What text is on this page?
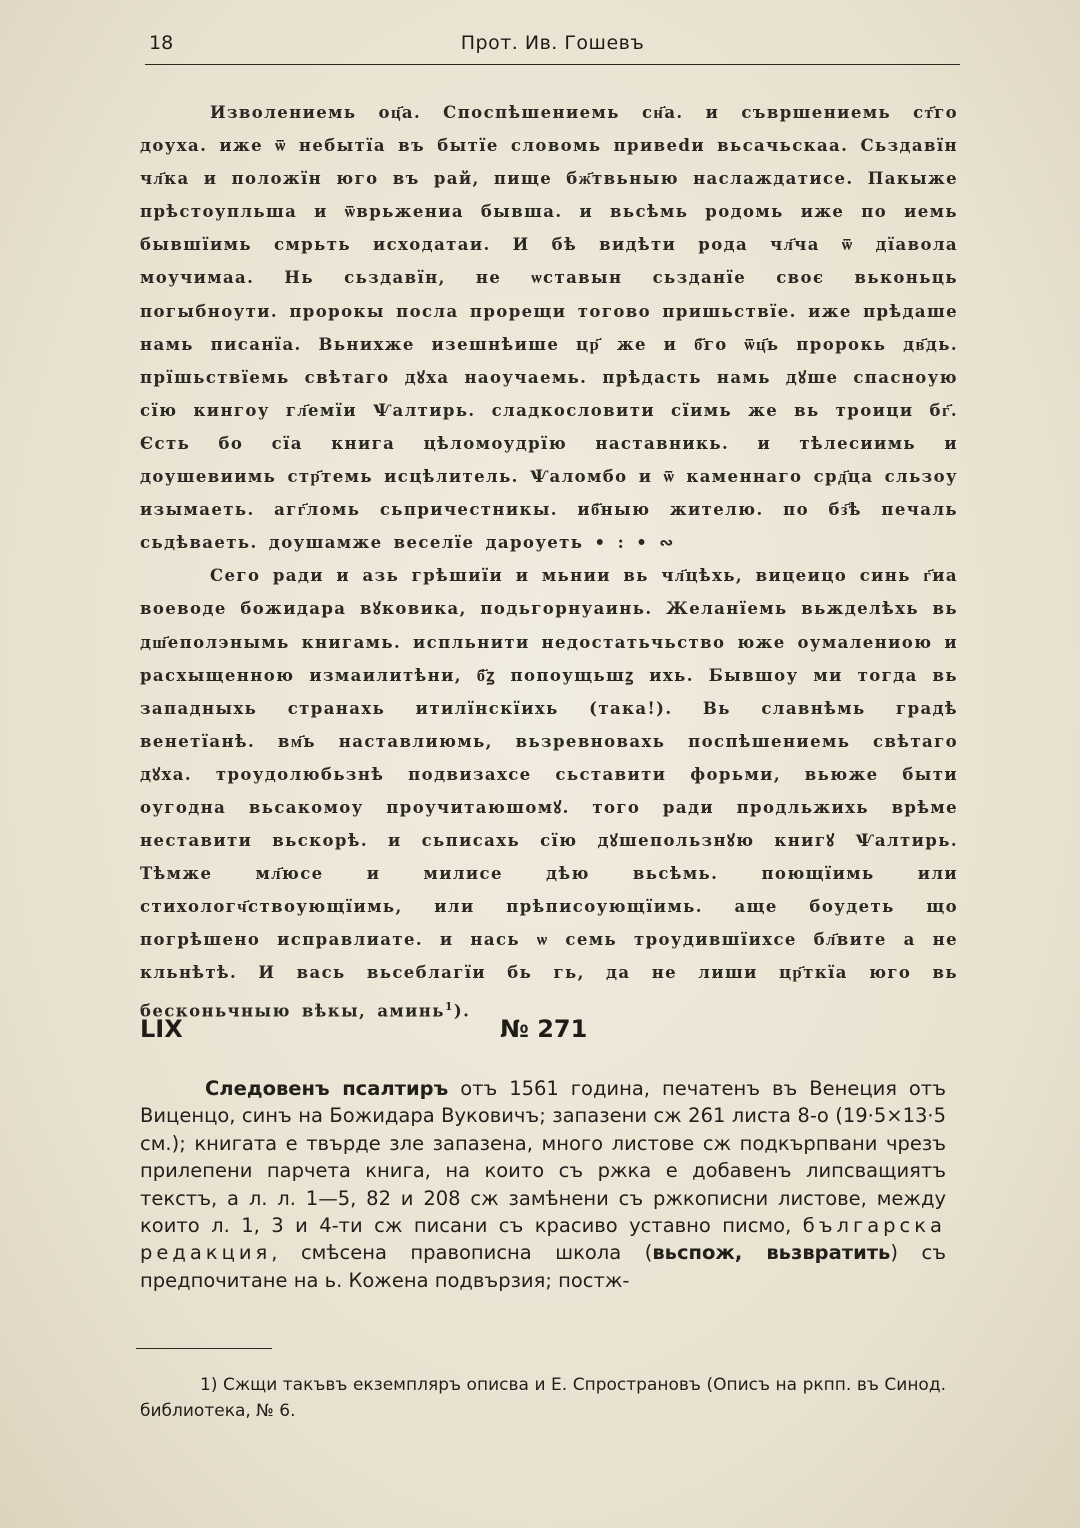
18	Прот. Ив. Гошевъ

Изволениемь оц҃а. Споспѣшениемь сн҃а. и съвршениемь ст҃го доуха. иже ѿ небытїа въ бытїе словомь привеdи вьсачьскаа. Сьздавїн чл҃ка и положїн юго въ рай, пище бж҃твьныю наслаждатисе. Пакыже прѣстоупльша и ѿврьжениа бывша. и вьсѣмь родомь иже по иемь бывшїимь смрьть исходатаи. И бѣ видѣти рода чл҃ча ѿ дїавола моучимаа. Нь сьздавїн, не ѡставын сьзданїе своє вьконьць погыбноути. пророкы посла прорещи тогово пришьствїе. иже прѣдаше намь писанїа. Вьнихже изешнѣише цр҃ же и б҃го ѿц҃ь пророкь дв҃дь. прїшьствїемь свѣтаго дꙋха наоучаемь. прѣдасть намь дꙋше спасноую сїю кингоу гл҃емїи Ѱалтирь. сладкословити сїимь же вь троици бг҃. Єсть бо сїа книга цѣломоудрїю наставникь. и тѣлесиимь и доушевиимь стр҃темь исцѣлитель. Ѱаломбо и ѿ каменнаго срд҃ца сльзоу изымаеть. агг҃ломь сьпричестникы. иб҃ныю жителю. по бз҃ѣ печаль сьдѣваеть. доушамже веселїе дароуеть • : • ∾

Сего ради и азь грѣшиїи и мьнии вь чл҃цѣхь, вицеицо синь г҃иа воеводе божидара вꙋковика, подьгорнуаинь. Желанїемь вьжделѣхь вь дш҃еполэнымь книгамь. испльнити недостатьчьство юже оумалениою и расхыщенною измаилитѣни, б҃ꙁ попоущьшꙁ ихь. Бывшоу ми тогда вь западныхь странахь итилїнскїихь (така!). Вь славнѣмь градѣ венетїанѣ. вм҃ь наставлиюмь, вьзревновахь поспѣшениемь свѣтаго дꙋха. троудолюбьзнѣ подвизахсе сьставити форьми, вьюже быти оугодна вьсакомоу проучитаюшомꙋ. того ради продльжихь врѣме неставити вьскорѣ. и сьписахь сїю дꙋшепользнꙋю книгꙋ Ѱалтирь. Тѣмже мл҃юсе и милисе дѣю вьсѣмь. поющїимь или стихологч҃ствоующїимь, или прѣписоующїимь. аще боудеть що погрѣшено исправлиате. и нась ѡ семь троудившїихсе бл҃вите а не кльнѣтѣ. И вась вьсеблагїи бь гь, да не лиши цр҃ткїа юго вь бесконьчныю вѣкы, аминь$^1$).

LIX	№ 271

Следовенъ псалтиръ отъ 1561 година, печатенъ въ Венеция отъ Виценцо, синъ на Божидара Вуковичъ; запазени сж 261 листа 8-о (19·5×13·5 см.); книгата е твърде зле запазена, много листове сж подкърпвани чрезъ прилепени парчета книга, на които съ ржка е добавенъ липсващиятъ текстъ, а л. л. 1—5, 82 и 208 сж замѣнени съ ржкописни листове, между които л. 1, 3 и 4-ти сж писани съ красиво уставно писмо, българска редакция, смѣсена правописна школа (вьспож, вьзвратить) съ предпочитане на ь. Кожена подвързия; постж-

1) Сжщи такъвъ екземпляръ описва и Е. Спространовъ (Описъ на ркпп. въ Синод. библиотека, № 6.
